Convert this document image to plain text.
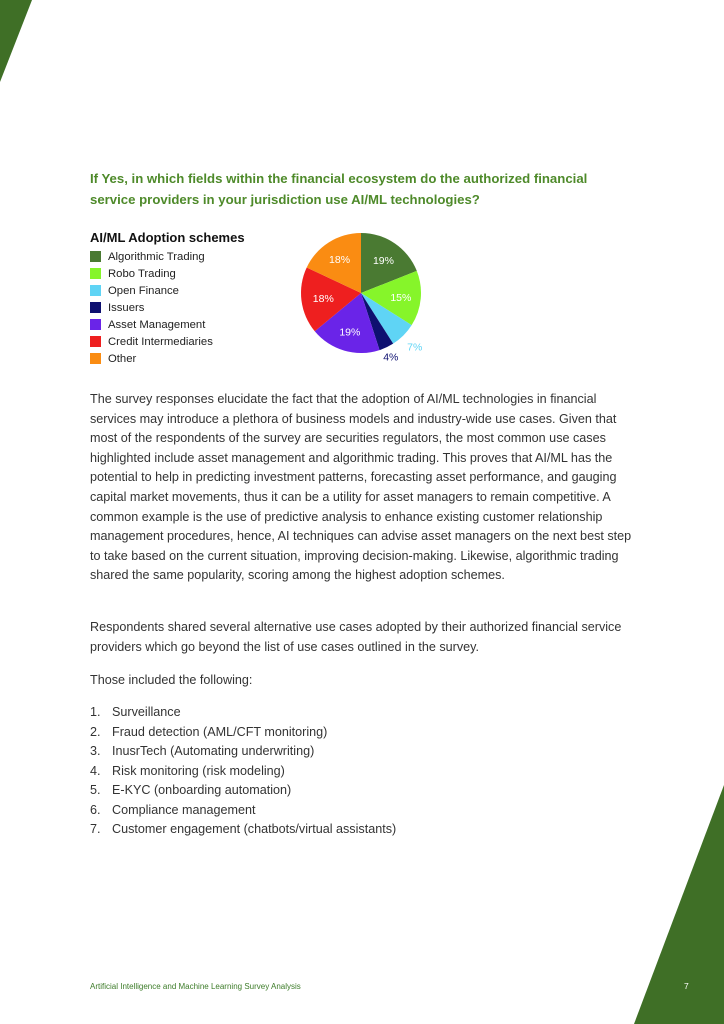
If Yes, in which fields within the financial ecosystem do the authorized financial service providers in your jurisdiction use AI/ML technologies?
AI/ML Adoption schemes
Algorithmic Trading
Robo Trading
Open Finance
Issuers
Asset Management
Credit Intermediaries
Other
19%
15%
7%
4%
19%
18%
18%

The survey responses elucidate the fact that the adoption of AI/ML technologies in financial services may introduce a plethora of business models and industry-wide use cases. Given that most of the respondents of the survey are securities regulators, the most common use cases highlighted include asset management and algorithmic trading. This proves that AI/ML has the potential to help in predicting investment patterns, forecasting asset performance, and gauging capital market movements, thus it can be a utility for asset managers to remain competitive. A common example is the use of predictive analysis to enhance existing customer relationship management procedures, hence, AI techniques can advise asset managers on the next best step to take based on the current situation, improving decision-making. Likewise, algorithmic trading shared the same popularity, scoring among the highest adoption schemes.

Respondents shared several alternative use cases adopted by their authorized financial service providers which go beyond the list of use cases outlined in the survey.

Those included the following:

1. Surveillance
2. Fraud detection (AML/CFT monitoring)
3. InusrTech (Automating underwriting)
4. Risk monitoring (risk modeling)
5. E-KYC (onboarding automation)
6. Compliance management
7. Customer engagement (chatbots/virtual assistants)
Artificial Intelligence and Machine Learning Survey Analysis	7
